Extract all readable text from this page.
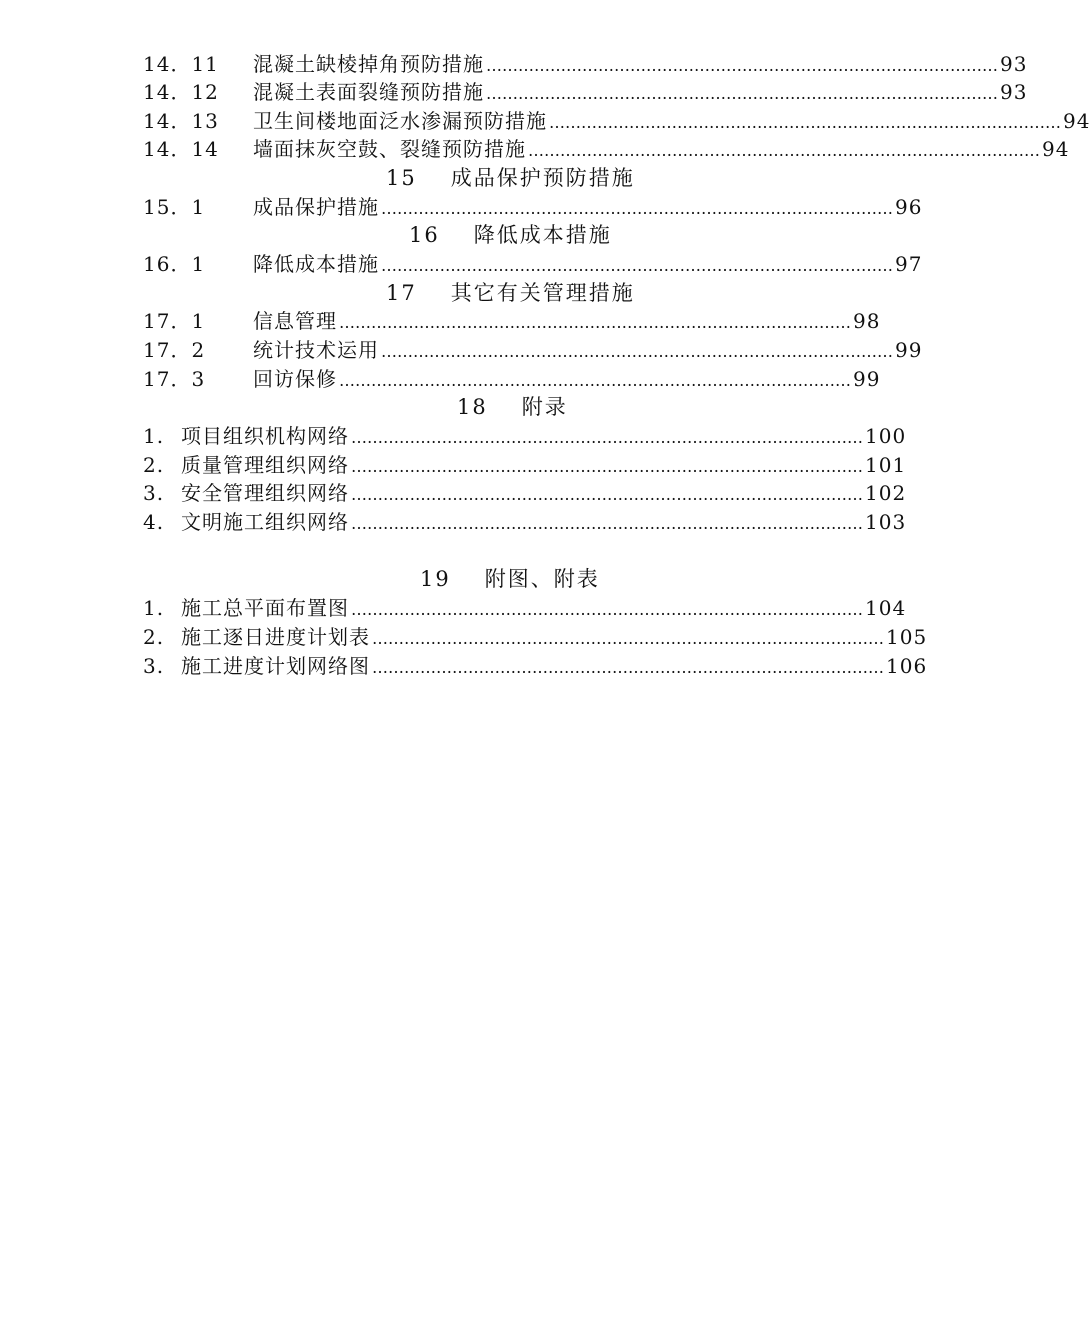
14．11	混凝土缺棱掉角预防措施 …………………………………………………………………………………… 93
14．12	混凝土表面裂缝预防措施 …………………………………………………………………………………… 93
14．13	卫生间楼地面泛水渗漏预防措施 …………………………………………………………………………………… 94
14．14	墙面抹灰空鼓、裂缝预防措施 …………………………………………………………………………………… 94
15 成品保护预防措施
15．1	成品保护措施 …………………………………………………………………………………… 96
16 降低成本措施
16．1	降低成本措施 …………………………………………………………………………………… 97
17 其它有关管理措施
17．1	信息管理 …………………………………………………………………………………… 98
17．2	统计技术运用 …………………………………………………………………………………… 99
17．3	回访保修 …………………………………………………………………………………… 99
18 附录
1. 项目组织机构网络 …………………………………………………………………………………… 100
2. 质量管理组织网络 …………………………………………………………………………………… 101
3. 安全管理组织网络 …………………………………………………………………………………… 102
4. 文明施工组织网络 …………………………………………………………………………………… 103
19 附图、附表
1. 施工总平面布置图 …………………………………………………………………………………… 104
2. 施工逐日进度计划表 …………………………………………………………………………………… 105
3. 施工进度计划网络图 …………………………………………………………………………………… 106
